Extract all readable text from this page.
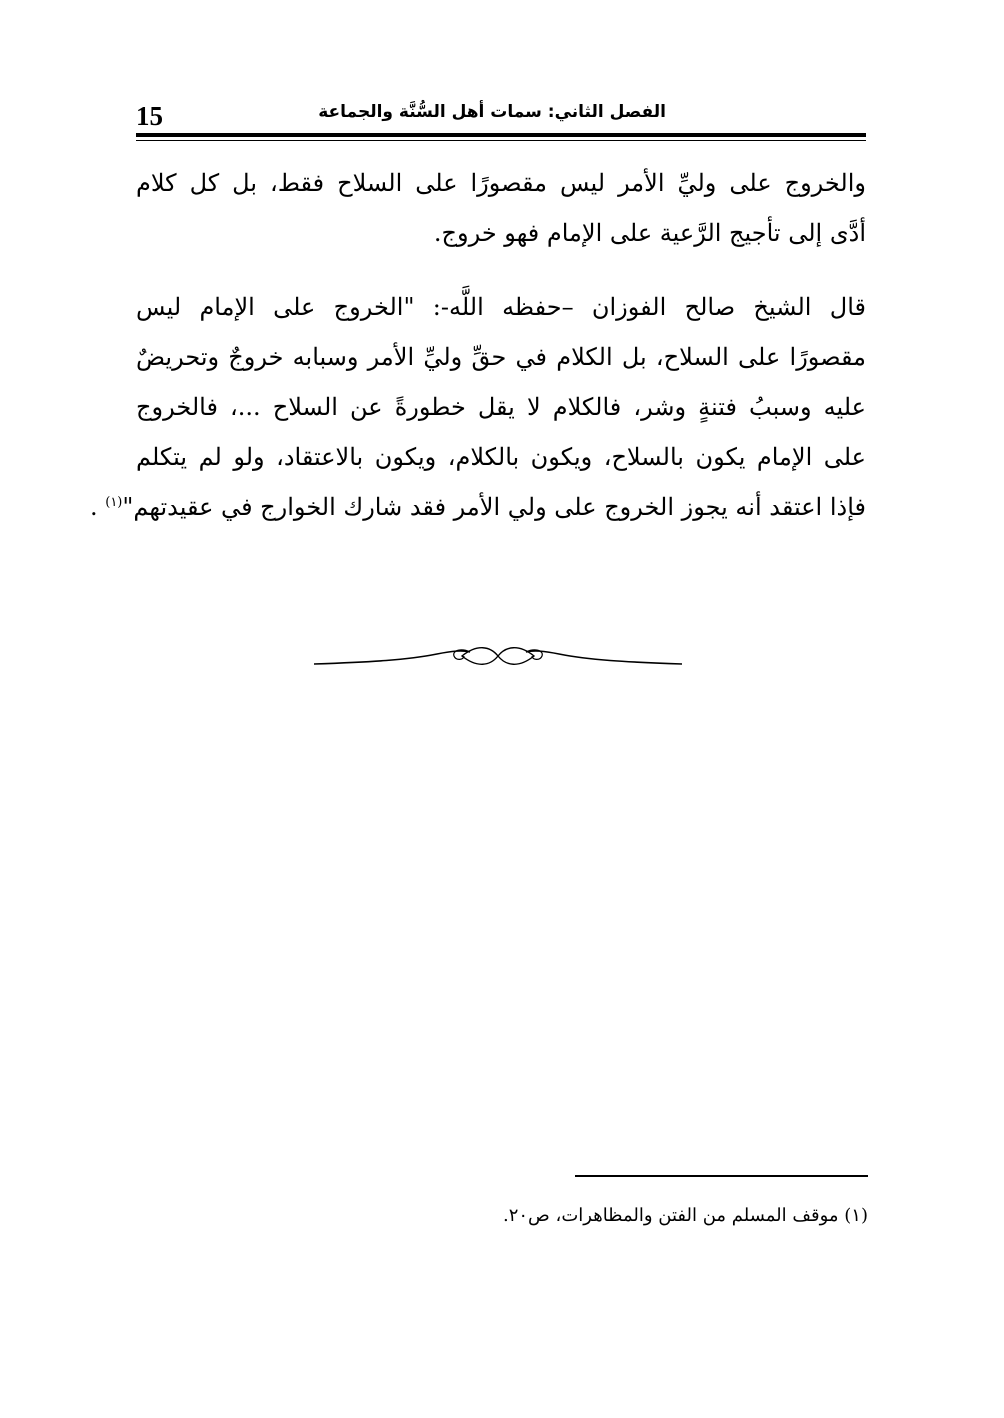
15	الفصل الثاني: سمات أهل السُّنَّة والجماعة
والخروج على وليِّ الأمر ليس مقصورًا على السلاح فقط، بل كل كلام
أدَّى إلى تأجيج الرَّعية على الإمام فهو خروج.
قال الشيخ صالح الفوزان –حفظه اللَّه-: "الخروج على الإمام ليس
مقصورًا على السلاح، بل الكلام في حقِّ وليِّ الأمر وسبابه خروجٌ وتحريضٌ
عليه وسببُ فتنةٍ وشر، فالكلام لا يقل خطورةً عن السلاح ...، فالخروج
على الإمام يكون بالسلاح، ويكون بالكلام، ويكون بالاعتقاد، ولو لم يتكلم
فإذا اعتقد أنه يجوز الخروج على ولي الأمر فقد شارك الخوارج في عقيدتهم"$^{(١)}$ .
(١) موقف المسلم من الفتن والمظاهرات، ص٢٠.
